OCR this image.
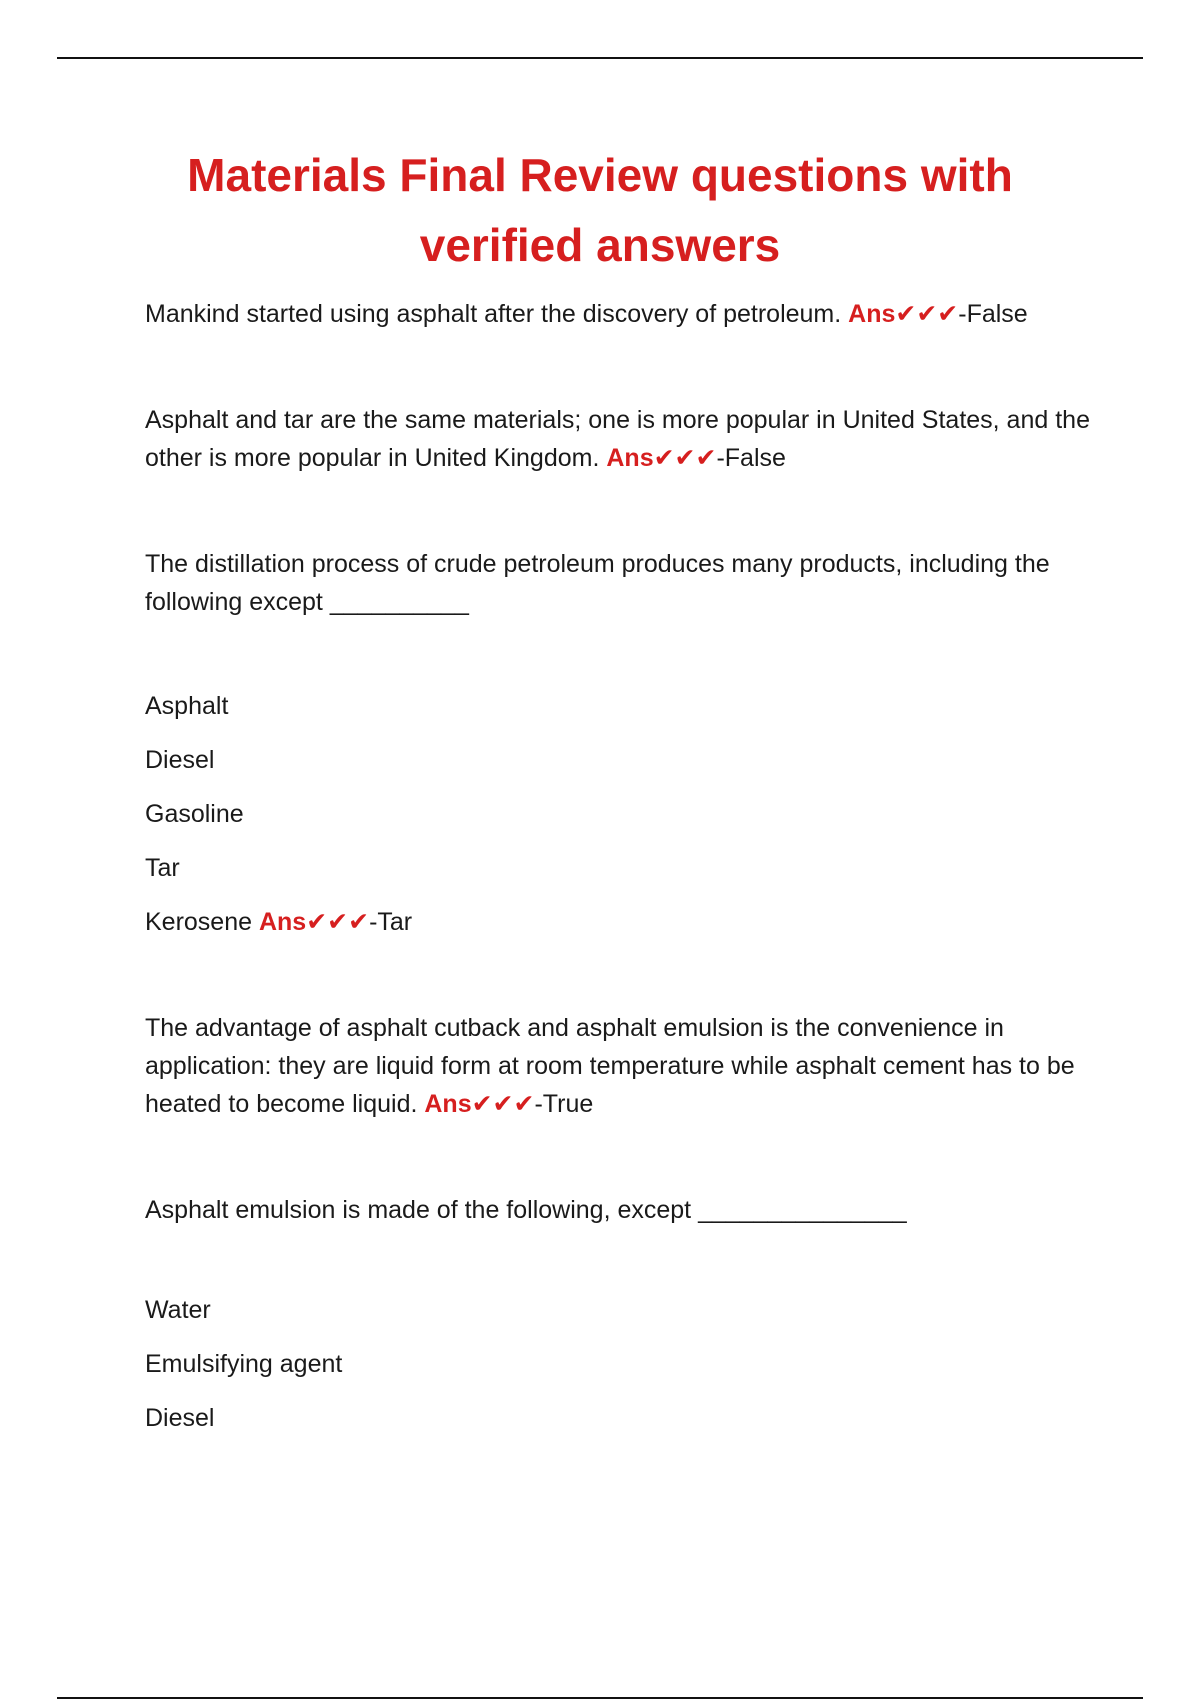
Materials Final Review questions with verified answers

Mankind started using asphalt after the discovery of petroleum. Ans✔✔✔-False

Asphalt and tar are the same materials; one is more popular in United States, and the other is more popular in United Kingdom. Ans✔✔✔-False

The distillation process of crude petroleum produces many products, including the following except __________

Asphalt

Diesel

Gasoline

Tar

Kerosene Ans✔✔✔-Tar

The advantage of asphalt cutback and asphalt emulsion is the convenience in application: they are liquid form at room temperature while asphalt cement has to be heated to become liquid. Ans✔✔✔-True

Asphalt emulsion is made of the following, except _______________

Water

Emulsifying agent

Diesel
